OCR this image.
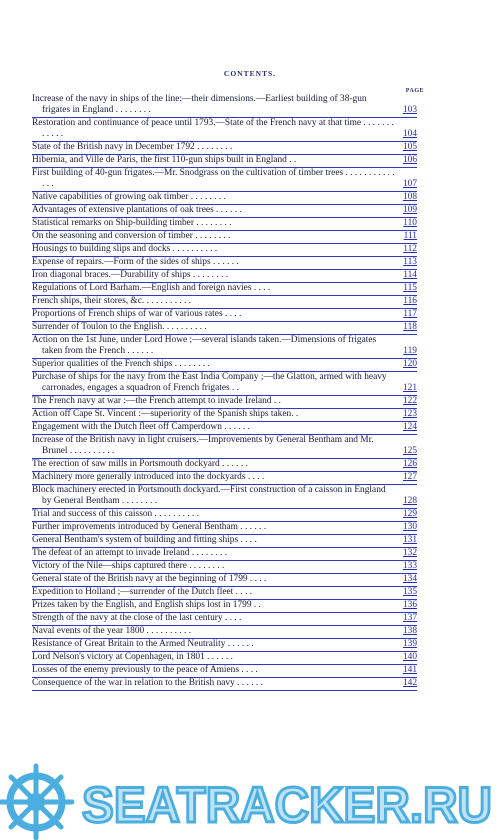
CONTENTS.
PAGE
Increase of the navy in ships of the line:—their dimensions.—Earliest building of 38-gun frigates in England . . . . . . . .	103
Restoration and continuance of peace until 1793.—State of the French navy at that time . . . . . . . . . . . .	104
State of the British navy in December 1792 . . . . . . . .	105
Hibernia, and Ville de Paris, the first 110-gun ships built in England . .	106
First building of 40-gun frigates.—Mr. Snodgrass on the cultivation of timber trees . . . . . . . . . . . . . .	107
Native capabilities of growing oak timber . . . . . . . .	108
Advantages of extensive plantations of oak trees . . . . . .	109
Statistical remarks on Ship-building timber . . . . . . . .	110
On the seasoning and conversion of timber . . . . . . . .	111
Housings to building slips and docks . . . . . . . . . .	112
Expense of repairs.—Form of the sides of ships . . . . . .	113
Iron diagonal braces.—Durability of ships . . . . . . . .	114
Regulations of Lord Barham.—English and foreign navies . . . .	115
French ships, their stores, &c. . . . . . . . . . .	116
Proportions of French ships of war of various rates . . . .	117
Surrender of Toulon to the English. . . . . . . . . .	118
Action on the 1st June, under Lord Howe ;—several islands taken.—Dimensions of frigates taken from the French . . . . . .	119
Superior qualities of the French ships . . . . . . . .	120
Purchase of ships for the navy from the East India Company ;—the Glatton, armed with heavy carronades, engages a squadron of French frigates . .	121
The French navy at war :—the French attempt to invade Ireland . .	122
Action off Cape St. Vincent :—superiority of the Spanish ships taken. .	123
Engagement with the Dutch fleet off Camperdown . . . . . .	124
Increase of the British navy in light cruisers.—Improvements by General Bentham and Mr. Brunel . . . . . . . . . .	125
The erection of saw mills in Portsmouth dockyard . . . . . .	126
Machinery more generally introduced into the dockyards . . . .	127
Block machinery erected in Portsmouth dockyard.—First construction of a caisson in England by General Bentham . . . . . . . .	128
Trial and success of this caisson . . . . . . . . . .	129
Further improvements introduced by General Bentham . . . . . .	130
General Bentham's system of building and fitting ships . . . .	131
The defeat of an attempt to invade Ireland . . . . . . . .	132
Victory of the Nile—ships captured there . . . . . . . .	133
General state of the British navy at the beginning of 1799 . . . .	134
Expedition to Holland ;—surrender of the Dutch fleet . . . .	135
Prizes taken by the English, and English ships lost in 1799 . .	136
Strength of the navy at the close of the last century . . . .	137
Naval events of the year 1800 . . . . . . . . . .	138
Resistance of Great Britain to the Armed Neutrality . . . . . .	139
Lord Nelson's victory at Copenhagen, in 1801 . . . . . .	140
Losses of the enemy previously to the peace of Amiens . . . .	141
Consequence of the war in relation to the British navy . . . . . .	142
SEATRACKER.RU
